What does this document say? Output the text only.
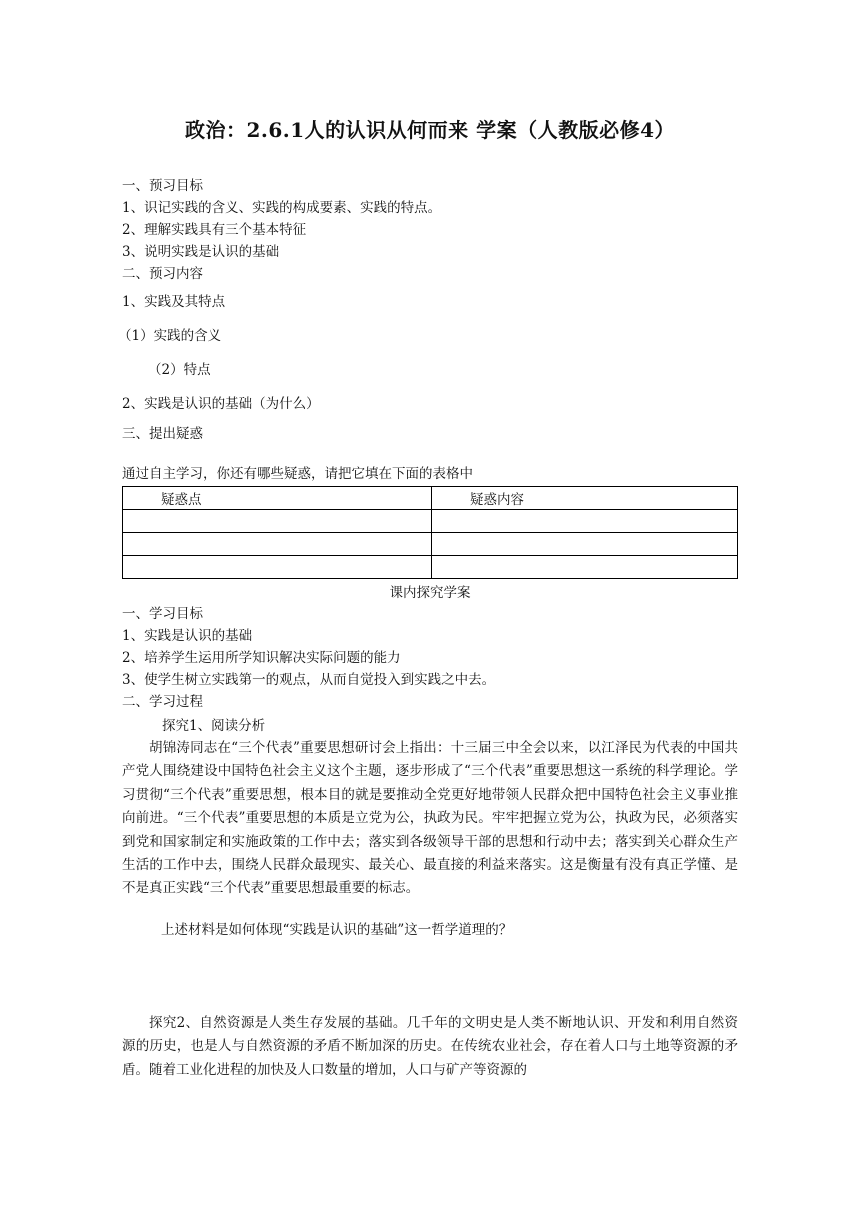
政治：2.6.1人的认识从何而来 学案（人教版必修4）
一、预习目标
1、识记实践的含义、实践的构成要素、实践的特点。
2、理解实践具有三个基本特征
3、说明实践是认识的基础
二、预习内容
1、实践及其特点
（1）实践的含义
（2）特点
2、实践是认识的基础（为什么）
三、提出疑惑
通过自主学习，你还有哪些疑惑，请把它填在下面的表格中
疑惑点	疑惑内容

课内探究学案
一、学习目标
1、实践是认识的基础
2、培养学生运用所学知识解决实际问题的能力
3、使学生树立实践第一的观点，从而自觉投入到实践之中去。
二、学习过程
探究1、阅读分析
胡锦涛同志在“三个代表”重要思想研讨会上指出：十三届三中全会以来，以江泽民为代表的中国共产党人围绕建设中国特色社会主义这个主题，逐步形成了“三个代表”重要思想这一系统的科学理论。学习贯彻“三个代表”重要思想，根本目的就是要推动全党更好地带领人民群众把中国特色社会主义事业推向前进。“三个代表”重要思想的本质是立党为公，执政为民。牢牢把握立党为公，执政为民，必须落实到党和国家制定和实施政策的工作中去；落实到各级领导干部的思想和行动中去；落实到关心群众生产生活的工作中去，围绕人民群众最现实、最关心、最直接的利益来落实。这是衡量有没有真正学懂、是不是真正实践“三个代表”重要思想最重要的标志。
上述材料是如何体现“实践是认识的基础”这一哲学道理的？
探究2、自然资源是人类生存发展的基础。几千年的文明史是人类不断地认识、开发和利用自然资源的历史，也是人与自然资源的矛盾不断加深的历史。在传统农业社会，存在着人口与土地等资源的矛盾。随着工业化进程的加快及人口数量的增加，人口与矿产等资源的
